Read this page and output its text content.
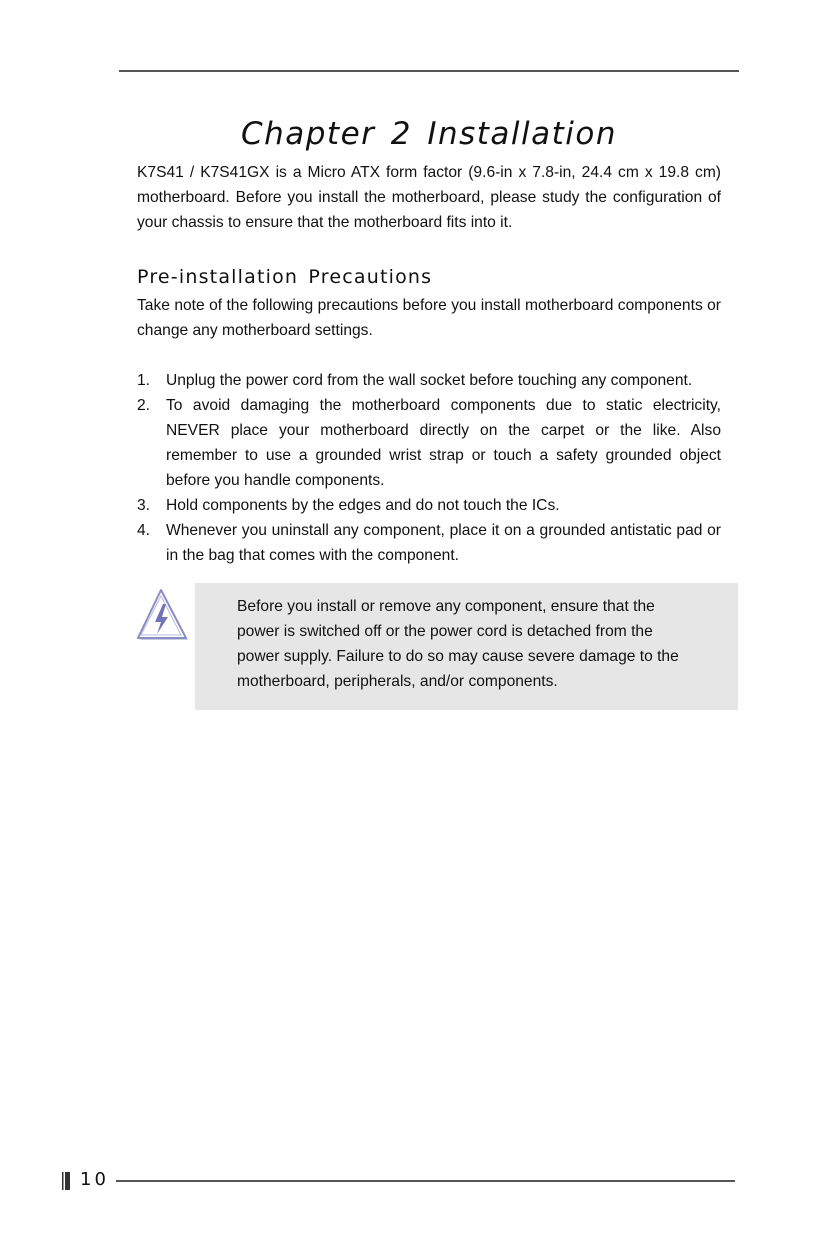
Chapter 2 Installation

K7S41 / K7S41GX is a Micro ATX form factor (9.6-in x 7.8-in, 24.4 cm x 19.8 cm) motherboard. Before you install the motherboard, please study the configuration of your chassis to ensure that the motherboard fits into it.

Pre-installation Precautions

Take note of the following precautions before you install motherboard components or change any motherboard settings.

1. Unplug the power cord from the wall socket before touching any component.
2. To avoid damaging the motherboard components due to static electricity, NEVER place your motherboard directly on the carpet or the like. Also remember to use a grounded wrist strap or touch a safety grounded object before you handle components.
3. Hold components by the edges and do not touch the ICs.
4. Whenever you uninstall any component, place it on a grounded antistatic pad or in the bag that comes with the component.

Before you install or remove any component, ensure that the power is switched off or the power cord is detached from the power supply. Failure to do so may cause severe damage to the motherboard, peripherals, and/or components.

10
